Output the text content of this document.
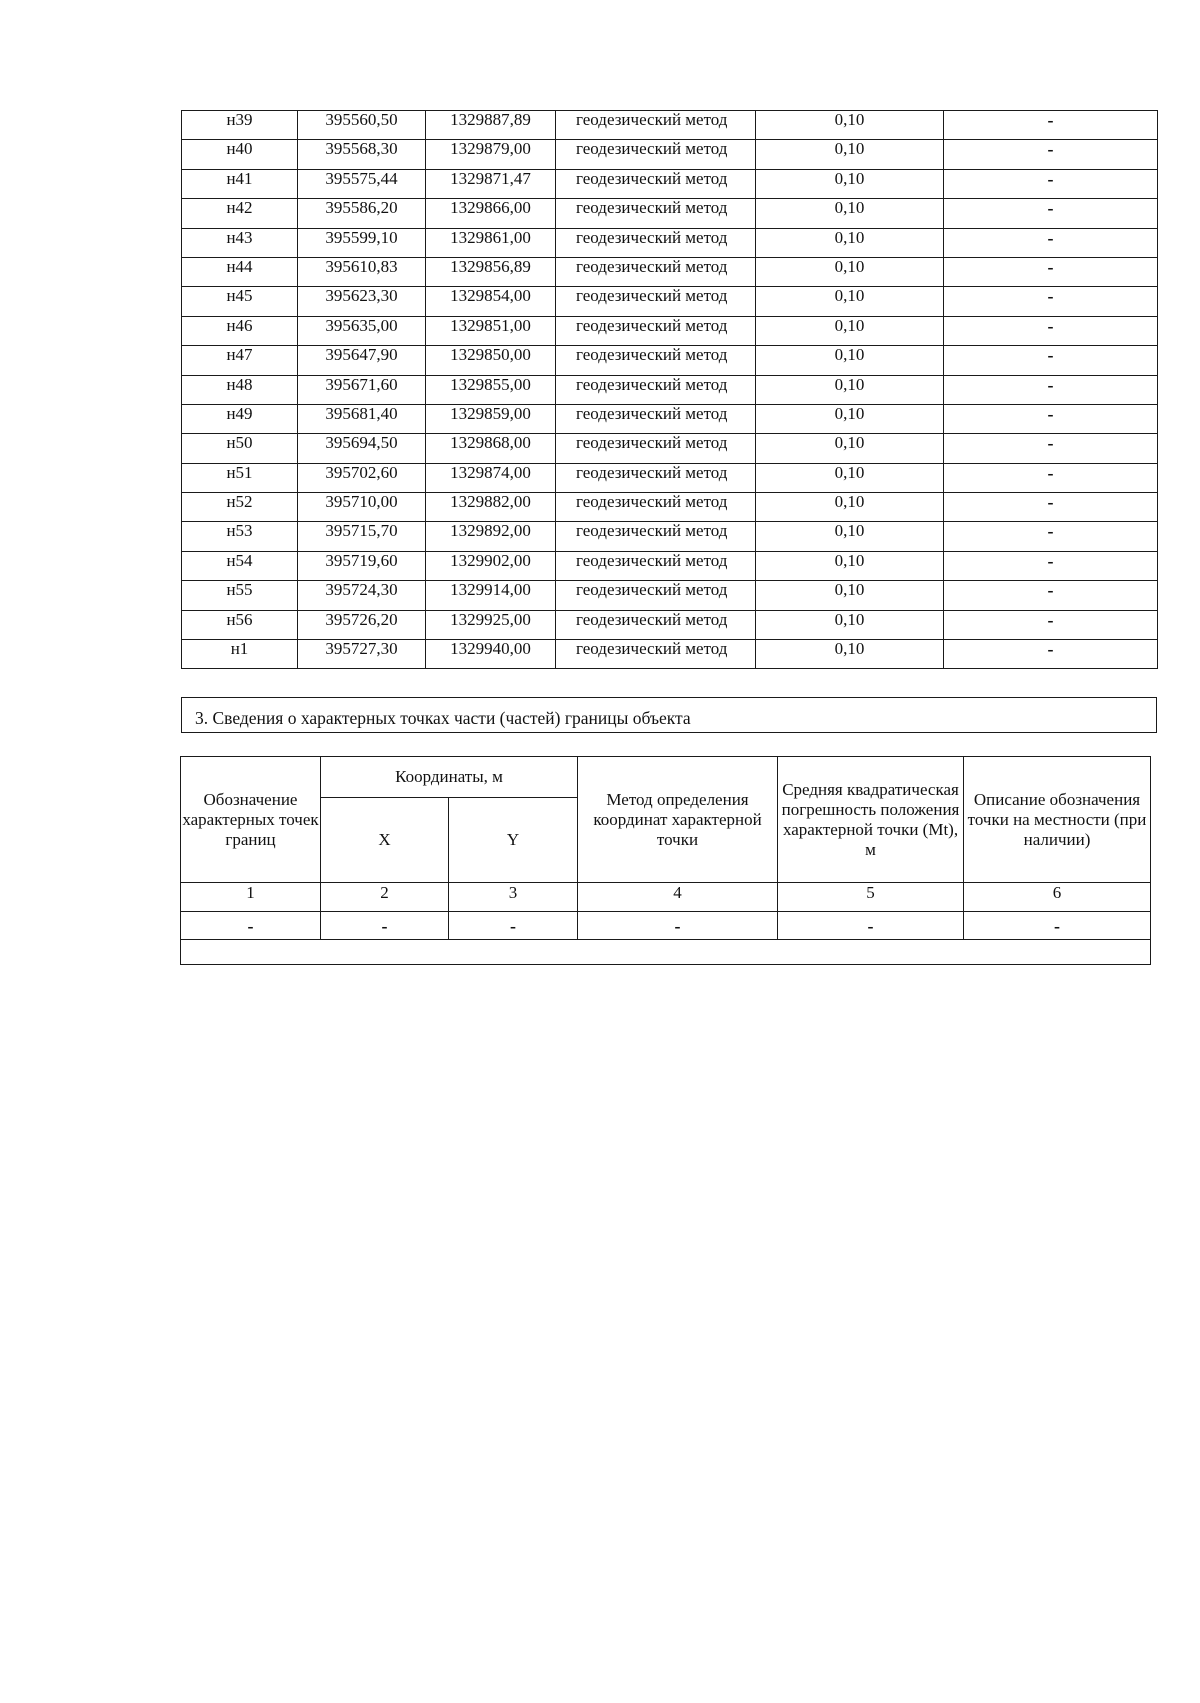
н39	395560,50	1329887,89	геодезический метод	0,10	-
н40	395568,30	1329879,00	геодезический метод	0,10	-
н41	395575,44	1329871,47	геодезический метод	0,10	-
н42	395586,20	1329866,00	геодезический метод	0,10	-
н43	395599,10	1329861,00	геодезический метод	0,10	-
н44	395610,83	1329856,89	геодезический метод	0,10	-
н45	395623,30	1329854,00	геодезический метод	0,10	-
н46	395635,00	1329851,00	геодезический метод	0,10	-
н47	395647,90	1329850,00	геодезический метод	0,10	-
н48	395671,60	1329855,00	геодезический метод	0,10	-
н49	395681,40	1329859,00	геодезический метод	0,10	-
н50	395694,50	1329868,00	геодезический метод	0,10	-
н51	395702,60	1329874,00	геодезический метод	0,10	-
н52	395710,00	1329882,00	геодезический метод	0,10	-
н53	395715,70	1329892,00	геодезический метод	0,10	-
н54	395719,60	1329902,00	геодезический метод	0,10	-
н55	395724,30	1329914,00	геодезический метод	0,10	-
н56	395726,20	1329925,00	геодезический метод	0,10	-
н1	395727,30	1329940,00	геодезический метод	0,10	-
3. Сведения о характерных точках части (частей) границы объекта
Обозначение характерных точек границ	Координаты, м		Метод определения координат характерной точки	Средняя квадратическая погрешность положения характерной точки (Mt), м	Описание обозначения точки на местности (при наличии)
	X	Y			
1	2	3	4	5	6
-	-	-	-	-	-
